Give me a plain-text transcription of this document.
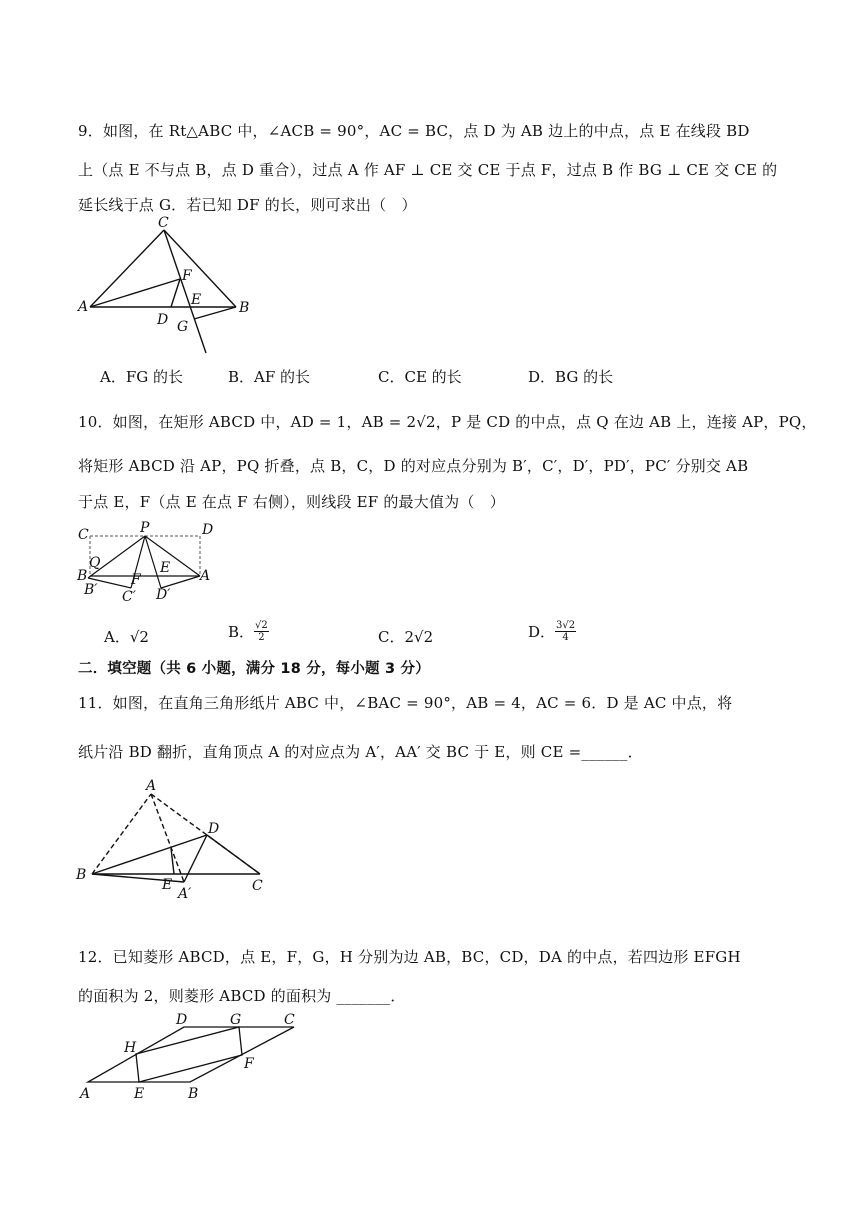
9．如图，在 Rt△ABC 中，∠ACB = 90°，AC = BC，点 D 为 AB 边上的中点，点 E 在线段 BD
上（点 E 不与点 B，点 D 重合），过点 A 作 AF ⊥ CE 交 CE 于点 F，过点 B 作 BG ⊥ CE 交 CE 的
延长线于点 G．若已知 DF 的长，则可求出（　）
C
F
A	E	B
D G
A．FG 的长	B．AF 的长	C．CE 的长	D．BG 的长
10．如图，在矩形 ABCD 中，AD = 1，AB = 2√2，P 是 CD 的中点，点 Q 在边 AB 上，连接 AP，PQ，
将矩形 ABCD 沿 AP，PQ 折叠，点 B，C，D 的对应点分别为 B′，C′，D′，PD′，PC′ 分别交 AB
于点 E，F（点 E 在点 F 右侧），则线段 EF 的最大值为（　）
C	P	D
Q
B	F
E A
B′ C′ D′
A．√2	B． $\frac{√2}{2}$	C．2√2	D． $\frac{3√2}{4}$
二．填空题（共 6 小题，满分 18 分，每小题 3 分）
11．如图，在直角三角形纸片 ABC 中，∠BAC = 90°，AB = 4，AC = 6．D 是 AC 中点，将
纸片沿 BD 翻折，直角顶点 A 的对应点为 A′，AA′ 交 BC 于 E，则 CE =______．
A
D
B
E	C
A′
12．已知菱形 ABCD，点 E，F，G，H 分别为边 AB，BC，CD，DA 的中点，若四边形 EFGH
的面积为 2，则菱形 ABCD 的面积为 _______．
D	G	C
H
F
A	E	B
